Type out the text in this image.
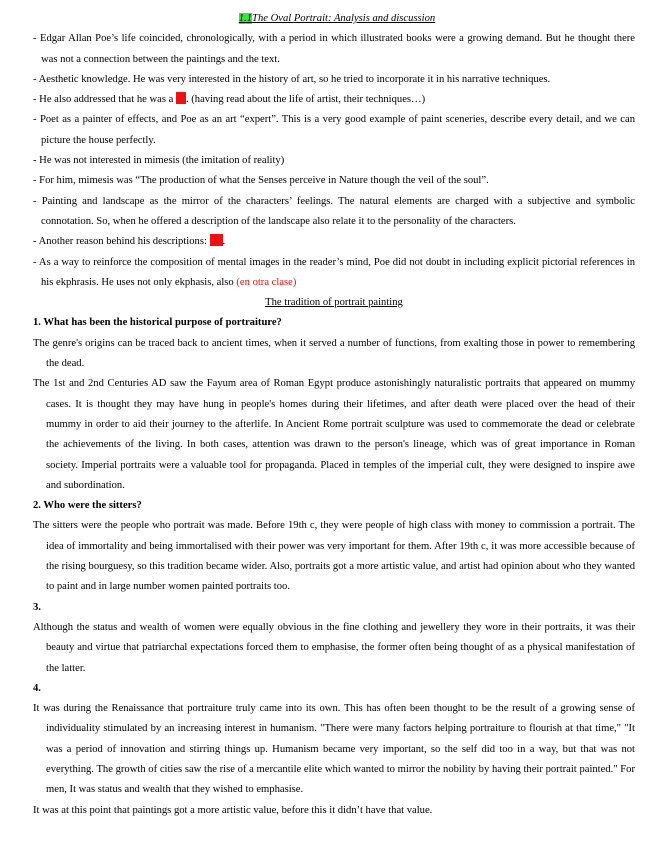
1.1The Oval Portrait: Analysis and discussion
- Edgar Allan Poe’s life coincided, chronologically, with a period in which illustrated books were a growing demand. But he thought there was not a connection between the paintings and the text.
- Aesthetic knowledge. He was very interested in the history of art, so he tried to incorporate it in his narrative techniques.
- He also addressed that he was a . (having read about the life of artist, their techniques…)
- Poet as a painter of effects, and Poe as an art “expert”. This is a very good example of paint sceneries, describe every detail, and we can picture the house perfectly.
- He was not interested in mimesis (the imitation of reality)
- For him, mimesis was “The production of what the Senses perceive in Nature though the veil of the soul”.
- Painting and landscape as the mirror of the characters’ feelings. The natural elements are charged with a subjective and symbolic connotation. So, when he offered a description of the landscape also relate it to the personality of the characters.
- Another reason behind his descriptions: .
- As a way to reinforce the composition of mental images in the reader’s mind, Poe did not doubt in including explicit pictorial references in his ekphrasis. He uses not only ekphasis, also (en otra clase)
The tradition of portrait painting
1. What has been the historical purpose of portraiture?
The genre's origins can be traced back to ancient times, when it served a number of functions, from exalting those in power to remembering the dead.
The 1st and 2nd Centuries AD saw the Fayum area of Roman Egypt produce astonishingly naturalistic portraits that appeared on mummy cases. It is thought they may have hung in people's homes during their lifetimes, and after death were placed over the head of their mummy in order to aid their journey to the afterlife. In Ancient Rome portrait sculpture was used to commemorate the dead or celebrate the achievements of the living. In both cases, attention was drawn to the person's lineage, which was of great importance in Roman society. Imperial portraits were a valuable tool for propaganda. Placed in temples of the imperial cult, they were designed to inspire awe and subordination.
2. Who were the sitters?
The sitters were the people who portrait was made. Before 19th c, they were people of high class with money to commission a portrait. The idea of immortality and being immortalised with their power was very important for them. After 19th c, it was more accessible because of the rising bourguesy, so this tradition became wider. Also, portraits got a more artistic value, and artist had opinion about who they wanted to paint and in large number women painted portraits too.
3.
Although the status and wealth of women were equally obvious in the fine clothing and jewellery they wore in their portraits, it was their beauty and virtue that patriarchal expectations forced them to emphasise, the former often being thought of as a physical manifestation of the latter.
4.
It was during the Renaissance that portraiture truly came into its own. This has often been thought to be the result of a growing sense of individuality stimulated by an increasing interest in humanism. "There were many factors helping portraiture to flourish at that time," "It was a period of innovation and stirring things up. Humanism became very important, so the self did too in a way, but that was not everything. The growth of cities saw the rise of a mercantile elite which wanted to mirror the nobility by having their portrait painted." For men, It was status and wealth that they wished to emphasise.
It was at this point that paintings got a more artistic value, before this it didn’t have that value.
